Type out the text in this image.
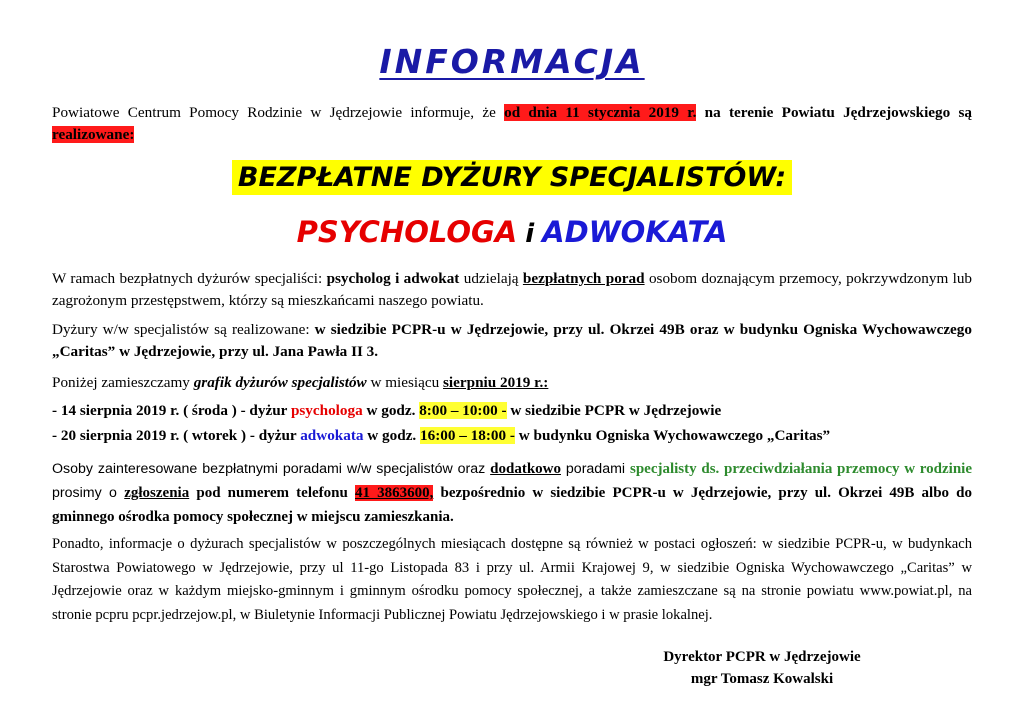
INFORMACJA
Powiatowe Centrum Pomocy Rodzinie w Jędrzejowie informuje, że od dnia 11 stycznia 2019 r. na terenie Powiatu Jędrzejowskiego są realizowane:
BEZPŁATNE DYŻURY SPECJALISTÓW:
PSYCHOLOGA i ADWOKATA
W ramach bezpłatnych dyżurów specjaliści: psycholog i adwokat udzielają bezpłatnych porad osobom doznającym przemocy, pokrzywdzonym lub zagrożonym przestępstwem, którzy są mieszkańcami naszego powiatu.
Dyżury w/w specjalistów są realizowane: w siedzibie PCPR-u w Jędrzejowie, przy ul. Okrzei 49B oraz w budynku Ogniska Wychowawczego „Caritas” w Jędrzejowie, przy ul. Jana Pawła II 3.
Poniżej zamieszczamy grafik dyżurów specjalistów w miesiącu sierpniu 2019 r.:
- 14 sierpnia 2019 r. ( środa ) - dyżur psychologa w godz. 8:00 – 10:00 - w siedzibie PCPR w Jędrzejowie
- 20 sierpnia 2019 r. ( wtorek ) - dyżur adwokata w godz. 16:00 – 18:00 - w budynku Ogniska Wychowawczego „Caritas”
Osoby zainteresowane bezpłatnymi poradami w/w specjalistów oraz dodatkowo poradami specjalisty ds. przeciwdziałania przemocy w rodzinie prosimy o zgłoszenia pod numerem telefonu 41 3863600, bezpośrednio w siedzibie PCPR-u w Jędrzejowie, przy ul. Okrzei 49B albo do gminnego ośrodka pomocy społecznej w miejscu zamieszkania.
Ponadto, informacje o dyżurach specjalistów w poszczególnych miesiącach dostępne są również w postaci ogłoszeń: w siedzibie PCPR-u, w budynkach Starostwa Powiatowego w Jędrzejowie, przy ul 11-go Listopada 83 i przy ul. Armii Krajowej 9, w siedzibie Ogniska Wychowawczego „Caritas” w Jędrzejowie oraz w każdym miejsko-gminnym i gminnym ośrodku pomocy społecznej, a także zamieszczane są na stronie powiatu www.powiat.pl, na stronie pcpru pcpr.jedrzejow.pl, w Biuletynie Informacji Publicznej Powiatu Jędrzejowskiego i w prasie lokalnej.
Dyrektor PCPR w Jędrzejowie
mgr Tomasz Kowalski
